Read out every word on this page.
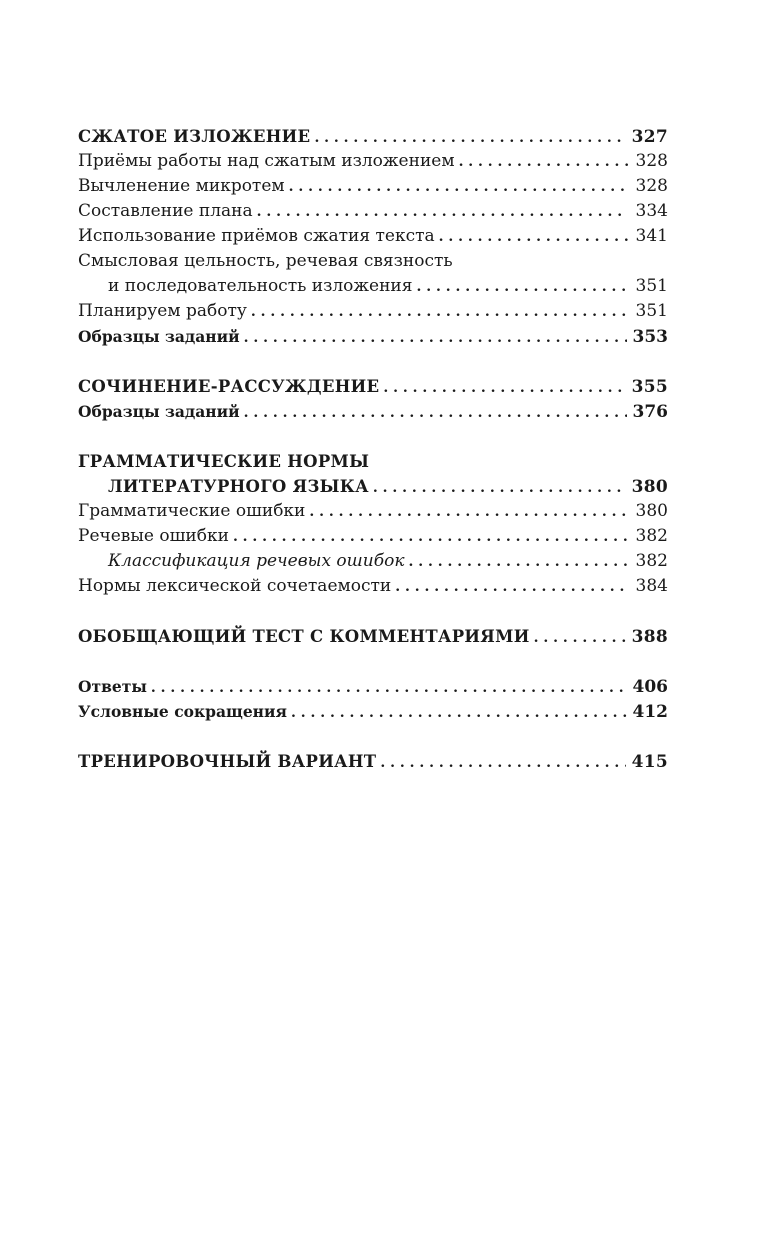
СЖАТОЕ ИЗЛОЖЕНИЕ . . .	327
Приёмы работы над сжатым изложением . . .	328
Вычленение микротем . . .	328
Составление плана . . .	334
Использование приёмов сжатия текста . . .	341
Смысловая цельность, речевая связность
и последовательность изложения . . .	351
Планируем работу . . .	351
Образцы заданий . . .	353
СОЧИНЕНИЕ-РАССУЖДЕНИЕ . . .	355
Образцы заданий . . .	376
ГРАММАТИЧЕСКИЕ НОРМЫ
ЛИТЕРАТУРНОГО ЯЗЫКА . . .	380
Грамматические ошибки . . .	380
Речевые ошибки . . .	382
Классификация речевых ошибок . . .	382
Нормы лексической сочетаемости . . .	384
ОБОБЩАЮЩИЙ ТЕСТ С КОММЕНТАРИЯМИ . . .	388
Ответы . . .	406
Условные сокращения . . .	412
ТРЕНИРОВОЧНЫЙ ВАРИАНТ . . .	415
